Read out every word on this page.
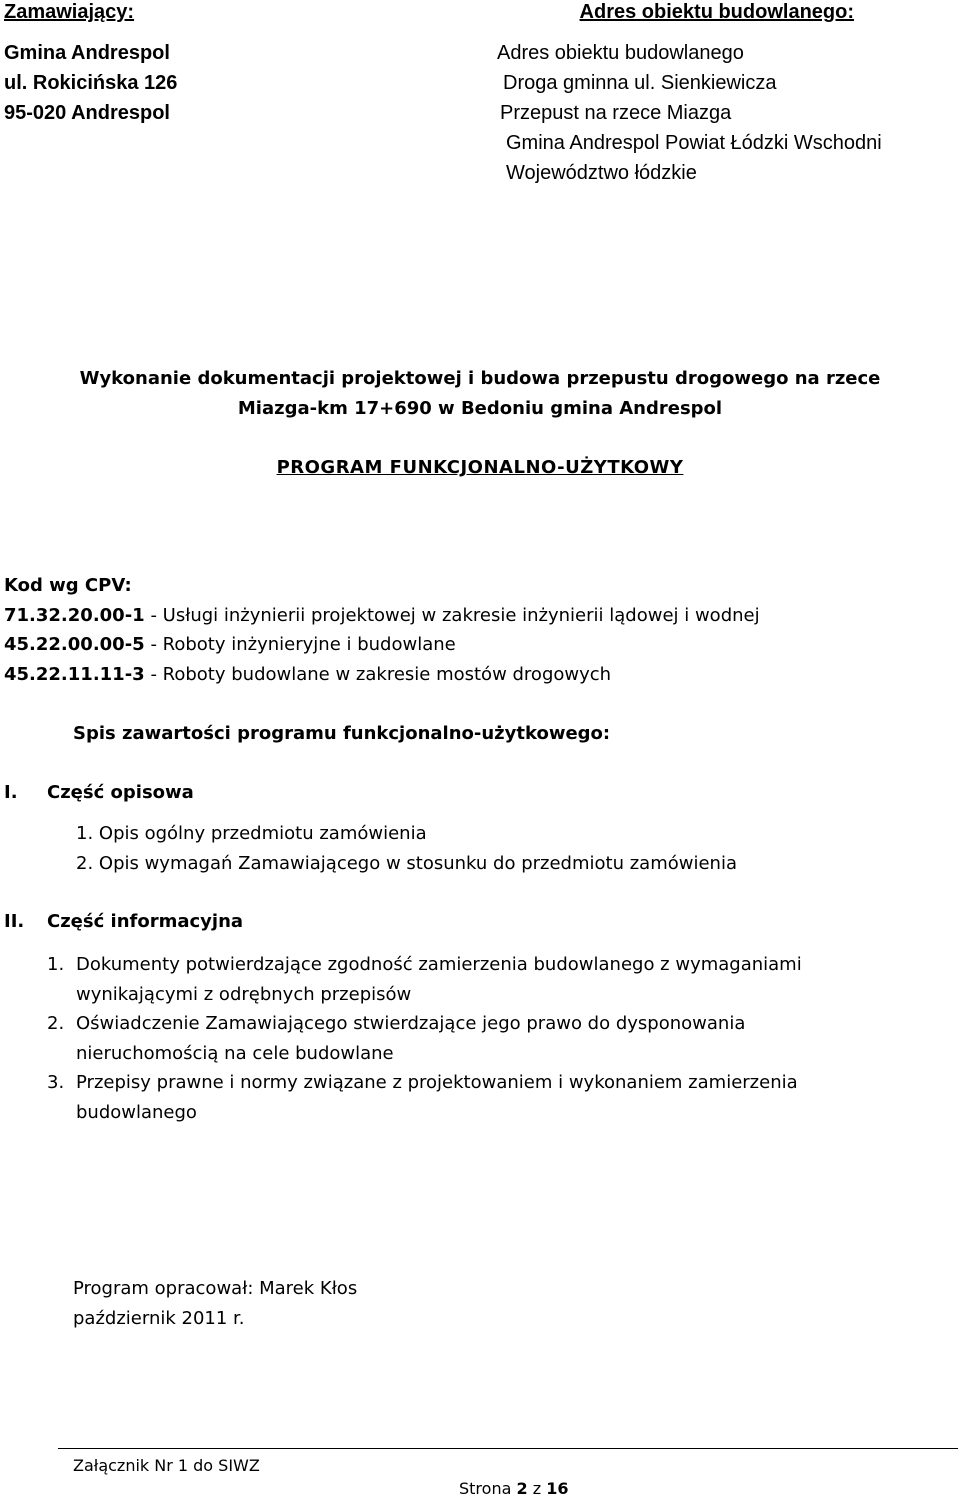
Zamawiający:
Gmina Andrespol
ul. Rokicińska 126
95-020 Andrespol
Adres obiektu budowlanego:
Adres obiektu budowlanego
Droga gminna ul. Sienkiewicza
Przepust na rzece Miazga
Gmina Andrespol Powiat Łódzki Wschodni
Województwo łódzkie
Wykonanie dokumentacji projektowej i budowa przepustu drogowego na rzece
Miazga-km 17+690 w Bedoniu gmina Andrespol
PROGRAM FUNKCJONALNO-UŻYTKOWY
Kod wg CPV:
71.32.20.00-1 - Usługi inżynierii projektowej w zakresie inżynierii lądowej i wodnej
45.22.00.00-5 - Roboty inżynieryjne i budowlane
45.22.11.11-3 - Roboty budowlane w zakresie mostów drogowych
Spis zawartości programu funkcjonalno-użytkowego:
I. Część opisowa
1. Opis ogólny przedmiotu zamówienia
2. Opis wymagań Zamawiającego w stosunku do przedmiotu zamówienia
II. Część informacyjna
1. Dokumenty potwierdzające zgodność zamierzenia budowlanego z wymaganiami
wynikającymi z odrębnych przepisów
2. Oświadczenie Zamawiającego stwierdzające jego prawo do dysponowania
nieruchomością na cele budowlane
3. Przepisy prawne i normy związane z projektowaniem i wykonaniem zamierzenia
budowlanego
Program opracował: Marek Kłos
październik 2011 r.
Załącznik Nr 1 do SIWZ
Strona 2 z 16
